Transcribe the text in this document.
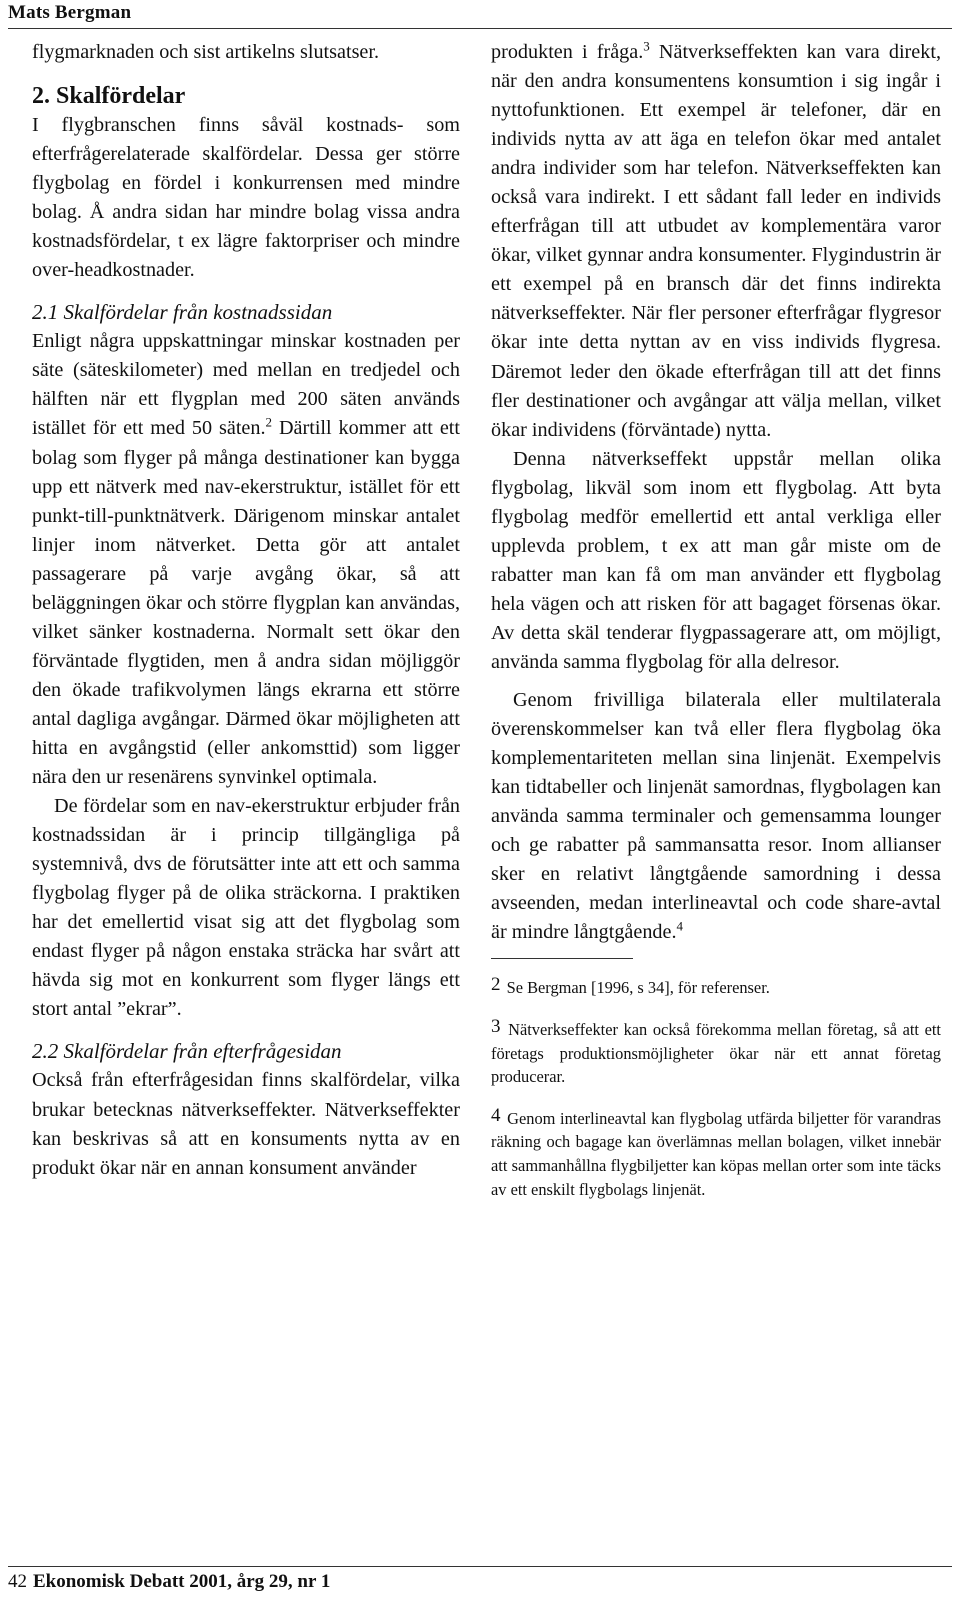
Mats Bergman

flygmarknaden och sist artikelns slutsatser.

2. Skalfördelar

I flygbranschen finns såväl kostnads- som efterfrågerelaterade skalfördelar. Dessa ger större flygbolag en fördel i konkurrensen med mindre bolag. Å andra sidan har mindre bolag vissa andra kostnadsfördelar, t ex lägre faktorpriser och mindre over-headkostnader.

2.1 Skalfördelar från kostnadssidan

Enligt några uppskattningar minskar kostnaden per säte (säteskilometer) med mellan en tredjedel och hälften när ett flygplan med 200 säten används istället för ett med 50 säten.$^2$ Därtill kommer att ett bolag som flyger på många destinationer kan bygga upp ett nätverk med nav-ekerstruktur, istället för ett punkt-till-punktnätverk. Därigenom minskar antalet linjer inom nätverket. Detta gör att antalet passagerare på varje avgång ökar, så att beläggningen ökar och större flygplan kan användas, vilket sänker kostnaderna. Normalt sett ökar den förväntade flygtiden, men å andra sidan möjliggör den ökade trafikvolymen längs ekrarna ett större antal dagliga avgångar. Därmed ökar möjligheten att hitta en avgångstid (eller ankomsttid) som ligger nära den ur resenärens synvinkel optimala.

De fördelar som en nav-ekerstruktur erbjuder från kostnadssidan är i princip tillgängliga på systemnivå, dvs de förutsätter inte att ett och samma flygbolag flyger på de olika sträckorna. I praktiken har det emellertid visat sig att det flygbolag som endast flyger på någon enstaka sträcka har svårt att hävda sig mot en konkurrent som flyger längs ett stort antal ”ekrar”.

2.2 Skalfördelar från efterfrågesidan

Också från efterfrågesidan finns skalfördelar, vilka brukar betecknas nätverkseffekter. Nätverkseffekter kan beskrivas så att en konsuments nytta av en produkt ökar när en annan konsument använder

produkten i fråga.$^3$ Nätverkseffekten kan vara direkt, när den andra konsumentens konsumtion i sig ingår i nyttofunktionen. Ett exempel är telefoner, där en individs nytta av att äga en telefon ökar med antalet andra individer som har telefon. Nätverkseffekten kan också vara indirekt. I ett sådant fall leder en individs efterfrågan till att utbudet av komplementära varor ökar, vilket gynnar andra konsumenter. Flygindustrin är ett exempel på en bransch där det finns indirekta nätverkseffekter. När fler personer efterfrågar flygresor ökar inte detta nyttan av en viss individs flygresa. Däremot leder den ökade efterfrågan till att det finns fler destinationer och avgångar att välja mellan, vilket ökar individens (förväntade) nytta.

Denna nätverkseffekt uppstår mellan olika flygbolag, likväl som inom ett flygbolag. Att byta flygbolag medför emellertid ett antal verkliga eller upplevda problem, t ex att man går miste om de rabatter man kan få om man använder ett flygbolag hela vägen och att risken för att bagaget försenas ökar. Av detta skäl tenderar flygpassagerare att, om möjligt, använda samma flygbolag för alla delresor.

Genom frivilliga bilaterala eller multilaterala överenskommelser kan två eller flera flygbolag öka komplementariteten mellan sina linjenät. Exempelvis kan tidtabeller och linjenät samordnas, flygbolagen kan använda samma terminaler och gemensamma lounger och ge rabatter på sammansatta resor. Inom allianser sker en relativt långtgående samordning i dessa avseenden, medan interlineavtal och code share-avtal är mindre långtgående.$^4$

2 Se Bergman [1996, s 34], för referenser.
3 Nätverkseffekter kan också förekomma mellan företag, så att ett företags produktionsmöjligheter ökar när ett annat företag producerar.
4 Genom interlineavtal kan flygbolag utfärda biljetter för varandras räkning och bagage kan överlämnas mellan bolagen, vilket innebär att sammanhållna flygbiljetter kan köpas mellan orter som inte täcks av ett enskilt flygbolags linjenät.
42 Ekonomisk Debatt 2001, årg 29, nr 1
